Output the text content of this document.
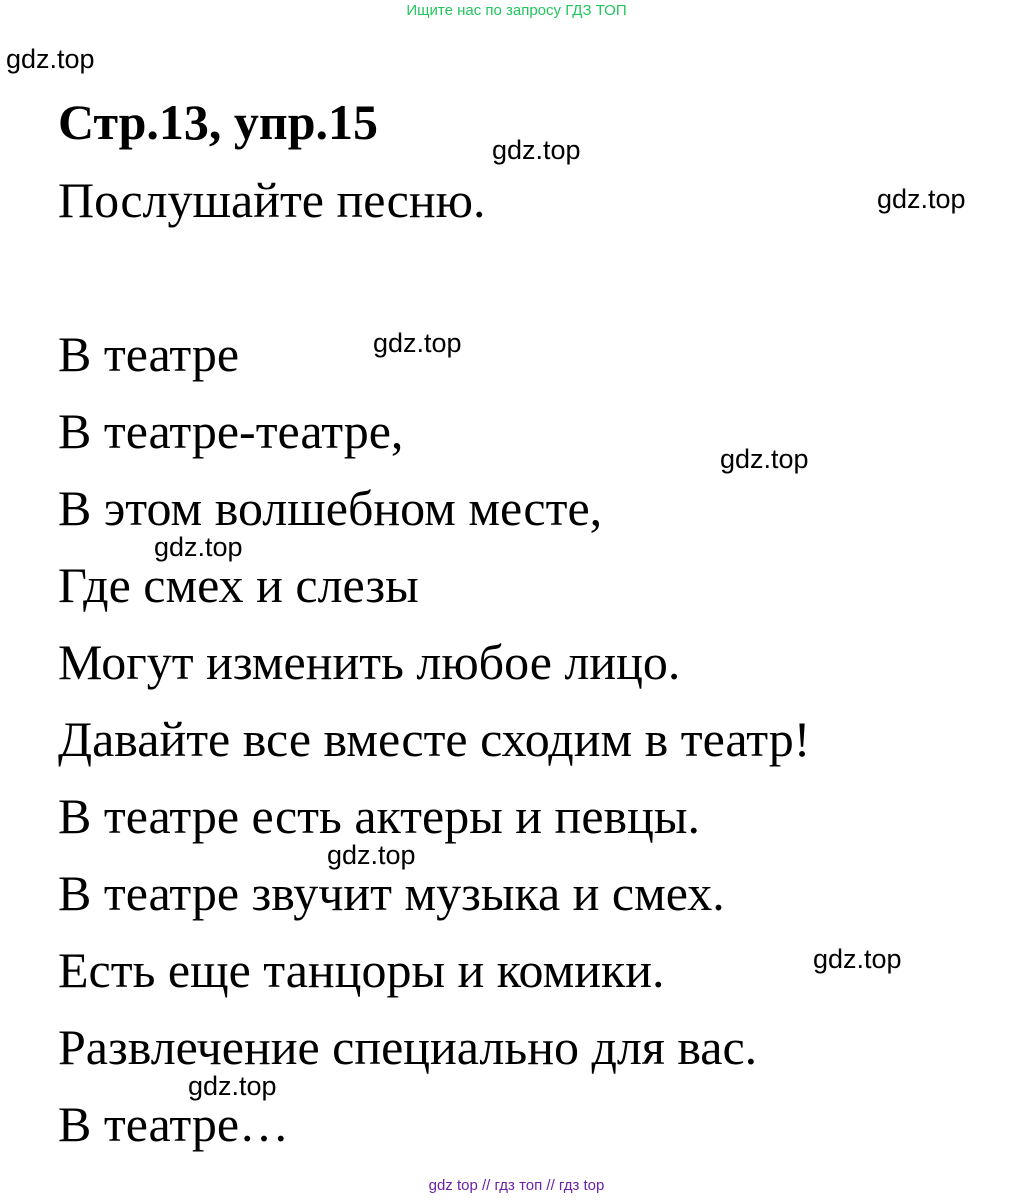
Ищите нас по запросу ГДЗ ТОП
gdz.top
Стр.13, упр.15	gdz.top
Послушайте песню.	gdz.top
В театре	gdz.top
В театре-театре,	gdz.top
В этом волшебном месте,
gdz.top
Где смех и слезы
Могут изменить любое лицо.
Давайте все вместе сходим в театр!
В театре есть актеры и певцы.
gdz.top
В театре звучит музыка и смех.
Есть еще танцоры и комики.	gdz.top
Развлечение специально для вас.
gdz.top
В театре…
gdz top // гдз топ // гдз top
